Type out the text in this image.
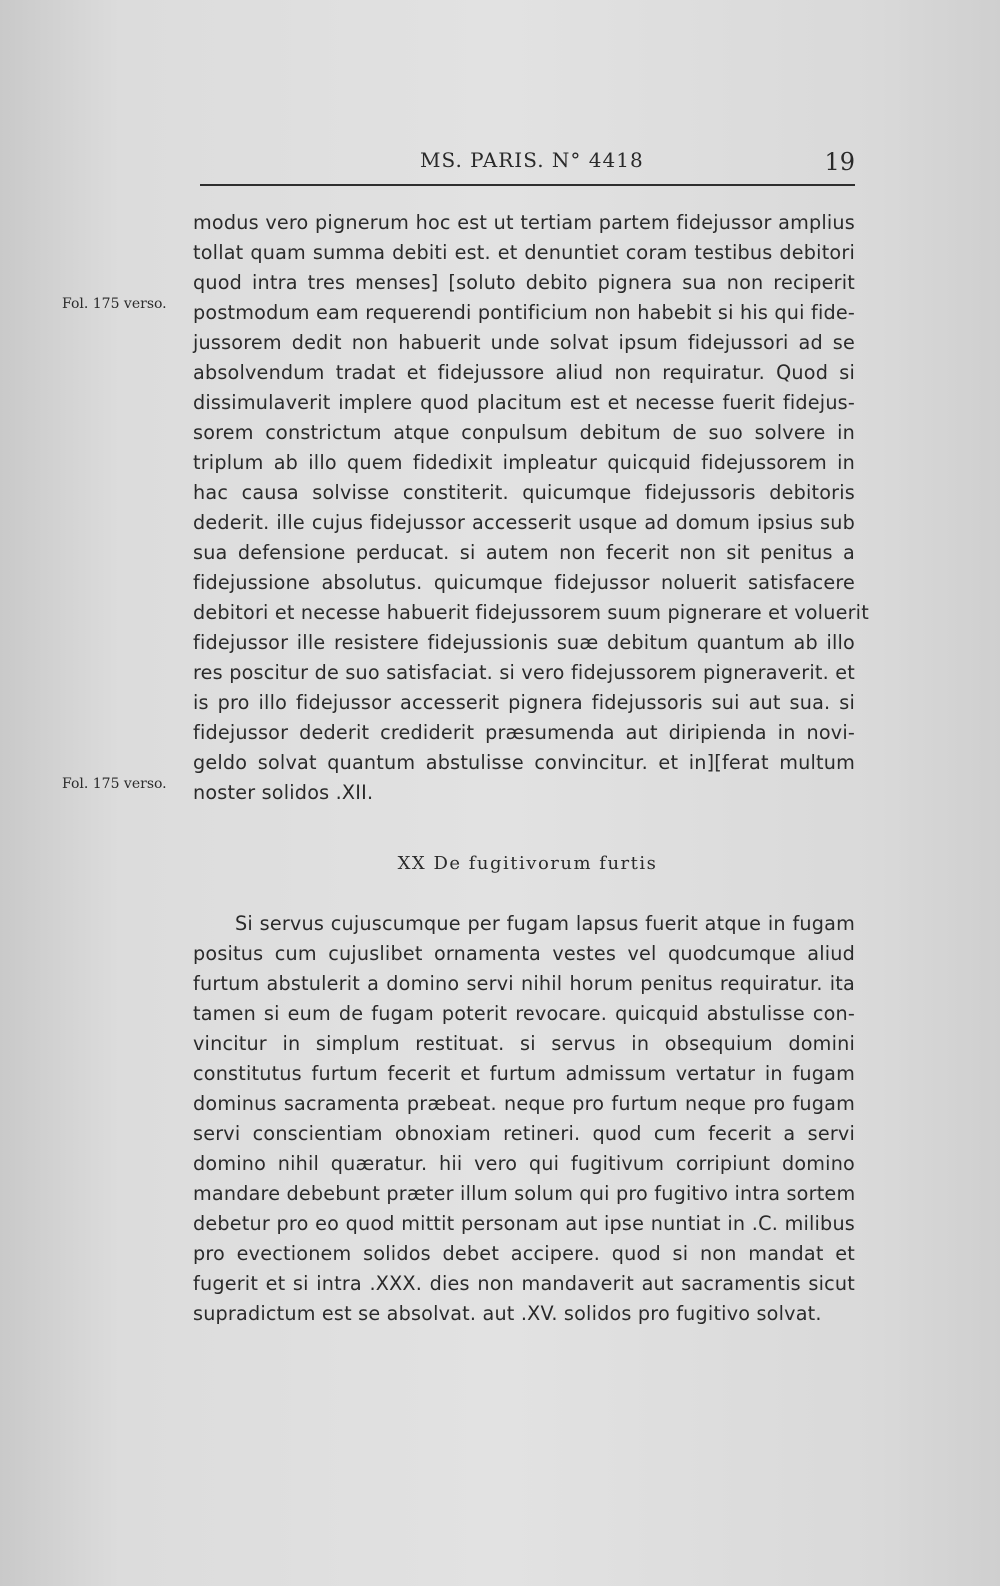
MS. PARIS. N° 4418	19
Fol. 175 verso.
Fol. 175 verso.
modus vero pignerum hoc est ut tertiam partem fidejussor amplius
tollat quam summa debiti est. et denuntiet coram testibus debitori
quod intra tres menses] [soluto debito pignera sua non reciperit
postmodum eam requerendi pontificium non habebit si his qui fide-
jussorem dedit non habuerit unde solvat ipsum fidejussori ad se
absolvendum tradat et fidejussore aliud non requiratur. Quod si
dissimulaverit implere quod placitum est et necesse fuerit fidejus-
sorem constrictum atque conpulsum debitum de suo solvere in
triplum ab illo quem fidedixit impleatur quicquid fidejussorem in
hac causa solvisse constiterit. quicumque fidejussoris debitoris
dederit. ille cujus fidejussor accesserit usque ad domum ipsius sub
sua defensione perducat. si autem non fecerit non sit penitus a
fidejussione absolutus. quicumque fidejussor noluerit satisfacere
debitori et necesse habuerit fidejussorem suum pignerare et voluerit
fidejussor ille resistere fidejussionis suæ debitum quantum ab illo
res poscitur de suo satisfaciat. si vero fidejussorem pigneraverit. et
is pro illo fidejussor accesserit pignera fidejussoris sui aut sua. si
fidejussor dederit crediderit præsumenda aut diripienda in novi-
geldo solvat quantum abstulisse convincitur. et in][ferat multum
noster solidos .XII.
XX De fugitivorum furtis
Si servus cujuscumque per fugam lapsus fuerit atque in fugam
positus cum cujuslibet ornamenta vestes vel quodcumque aliud
furtum abstulerit a domino servi nihil horum penitus requiratur. ita
tamen si eum de fugam poterit revocare. quicquid abstulisse con-
vincitur in simplum restituat. si servus in obsequium domini
constitutus furtum fecerit et furtum admissum vertatur in fugam
dominus sacramenta præbeat. neque pro furtum neque pro fugam
servi conscientiam obnoxiam retineri. quod cum fecerit a servi
domino nihil quæratur. hii vero qui fugitivum corripiunt domino
mandare debebunt præter illum solum qui pro fugitivo intra sortem
debetur pro eo quod mittit personam aut ipse nuntiat in .C. milibus
pro evectionem solidos debet accipere. quod si non mandat et
fugerit et si intra .XXX. dies non mandaverit aut sacramentis sicut
supradictum est se absolvat. aut .XV. solidos pro fugitivo solvat.
